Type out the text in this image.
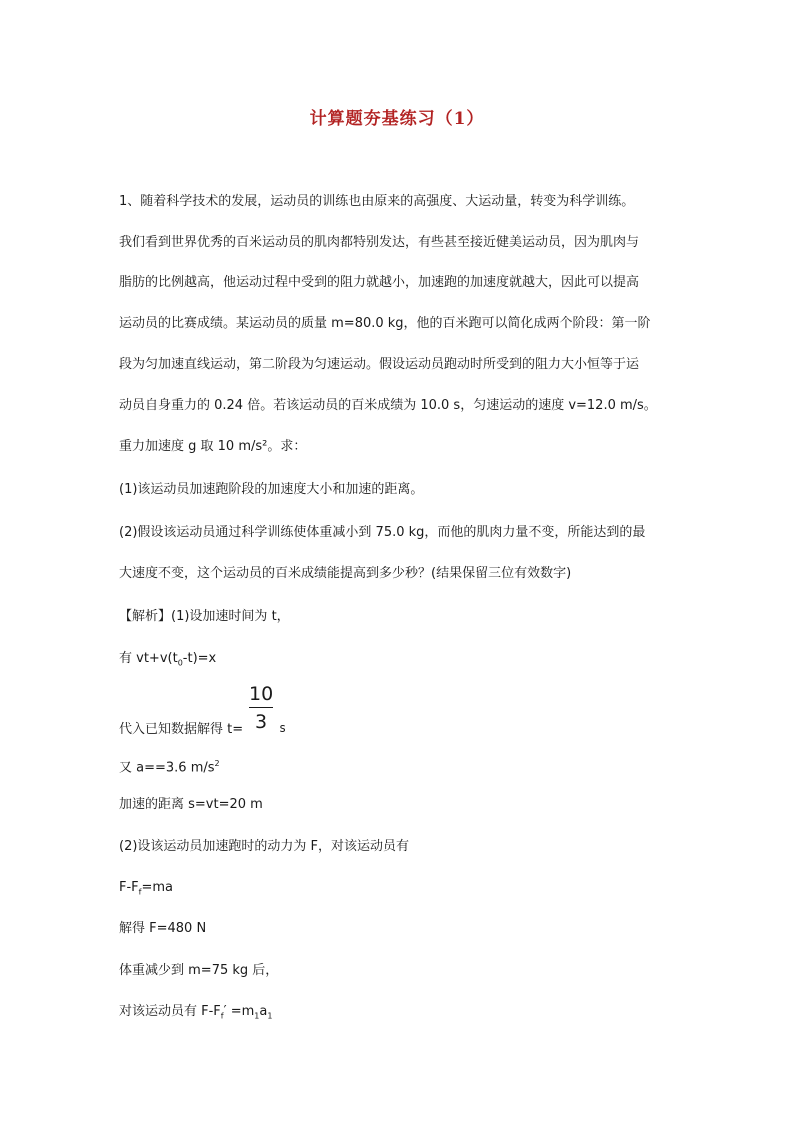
计算题夯基练习（1）
1、随着科学技术的发展，运动员的训练也由原来的高强度、大运动量，转变为科学训练。
我们看到世界优秀的百米运动员的肌肉都特别发达，有些甚至接近健美运动员，因为肌肉与
脂肪的比例越高，他运动过程中受到的阻力就越小，加速跑的加速度就越大，因此可以提高
运动员的比赛成绩。某运动员的质量 m=80.0 kg，他的百米跑可以简化成两个阶段：第一阶
段为匀加速直线运动，第二阶段为匀速运动。假设运动员跑动时所受到的阻力大小恒等于运
动员自身重力的 0.24 倍。若该运动员的百米成绩为 10.0 s，匀速运动的速度 v=12.0 m/s。
重力加速度 g 取 10 m/s²。求：
(1)该运动员加速跑阶段的加速度大小和加速的距离。
(2)假设该运动员通过科学训练使体重减小到 75.0 kg，而他的肌肉力量不变，所能达到的最
大速度不变，这个运动员的百米成绩能提高到多少秒？(结果保留三位有效数字)
【解析】(1)设加速时间为 t，
有 $vt+v(t_0-t)=x$
代入已知数据解得 t=
10
3 s
又 a==3.6 $m/s^2$
加速的距离 s=vt=20 m
(2)设该运动员加速跑时的动力为 F，对该运动员有
$F-F_f=ma$
解得 F=480 N
体重减少到 m=75 kg 后，
对该运动员有 $F-F_f' =m_1a_1$
